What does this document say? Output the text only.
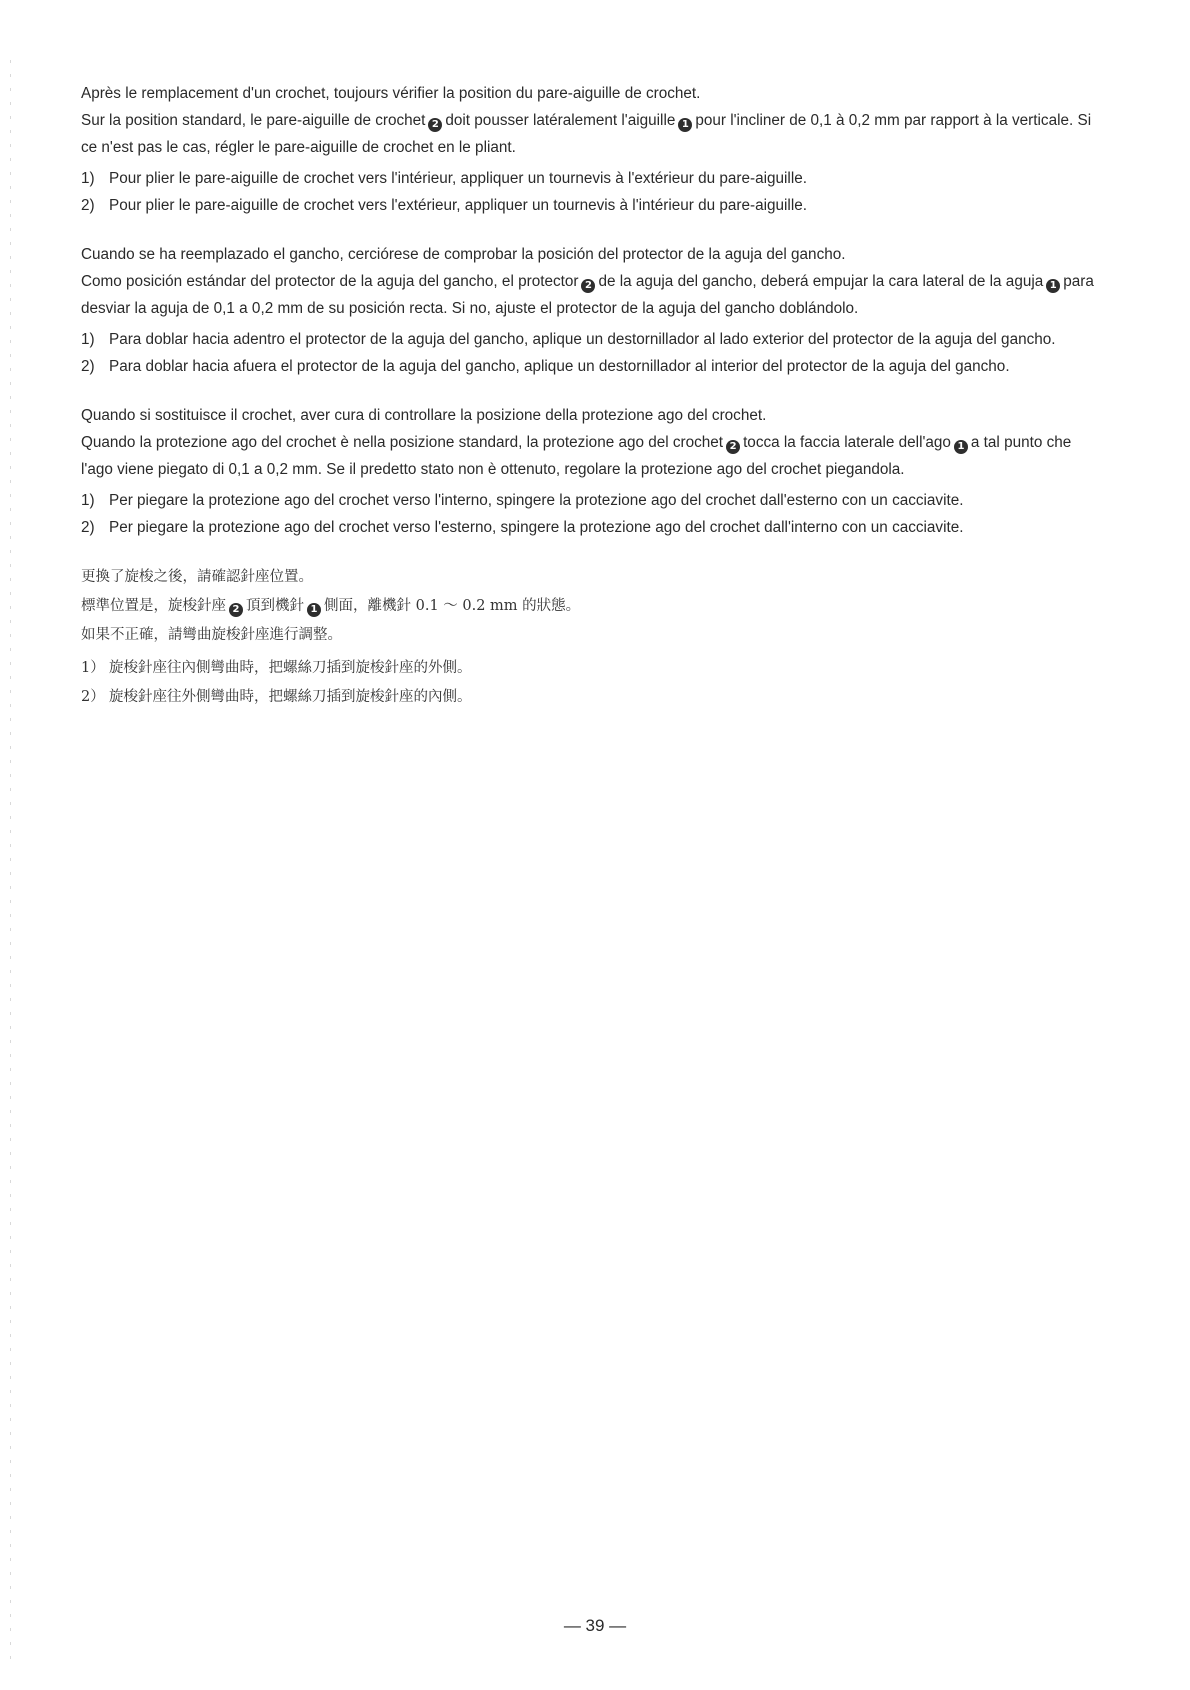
Après le remplacement d'un crochet, toujours vérifier la position du pare-aiguille de crochet.

Sur la position standard, le pare-aiguille de crochet 2 doit pousser latéralement l'aiguille 1 pour l'incliner de 0,1 à 0,2 mm par rapport à la verticale. Si ce n'est pas le cas, régler le pare-aiguille de crochet en le pliant.

1) Pour plier le pare-aiguille de crochet vers l'intérieur, appliquer un tournevis à l'extérieur du pare-aiguille.
2) Pour plier le pare-aiguille de crochet vers l'extérieur, appliquer un tournevis à l'intérieur du pare-aiguille.

Cuando se ha reemplazado el gancho, cerciórese de comprobar la posición del protector de la aguja del gancho.

Como posición estándar del protector de la aguja del gancho, el protector 2 de la aguja del gancho, deberá empujar la cara lateral de la aguja 1 para desviar la aguja de 0,1 a 0,2 mm de su posición recta. Si no, ajuste el protector de la aguja del gancho doblándolo.

1) Para doblar hacia adentro el protector de la aguja del gancho, aplique un destornillador al lado exterior del protector de la aguja del gancho.
2) Para doblar hacia afuera el protector de la aguja del gancho, aplique un destornillador al interior del protector de la aguja del gancho.

Quando si sostituisce il crochet, aver cura di controllare la posizione della protezione ago del crochet.

Quando la protezione ago del crochet è nella posizione standard, la protezione ago del crochet 2 tocca la faccia laterale dell'ago 1 a tal punto che l'ago viene piegato di 0,1 a 0,2 mm. Se il predetto stato non è ottenuto, regolare la protezione ago del crochet piegandola.

1) Per piegare la protezione ago del crochet verso l'interno, spingere la protezione ago del crochet dall'esterno con un cacciavite.
2) Per piegare la protezione ago del crochet verso l'esterno, spingere la protezione ago del crochet dall'interno con un cacciavite.

更換了旋梭之後，請確認針座位置。

標準位置是，旋梭針座 2 頂到機針 1 側面，離機針 0.1 ～ 0.2 mm 的狀態。

如果不正確，請彎曲旋梭針座進行調整。

1） 旋梭針座往內側彎曲時，把螺絲刀插到旋梭針座的外側。
2） 旋梭針座往外側彎曲時，把螺絲刀插到旋梭針座的內側。
— 39 —
